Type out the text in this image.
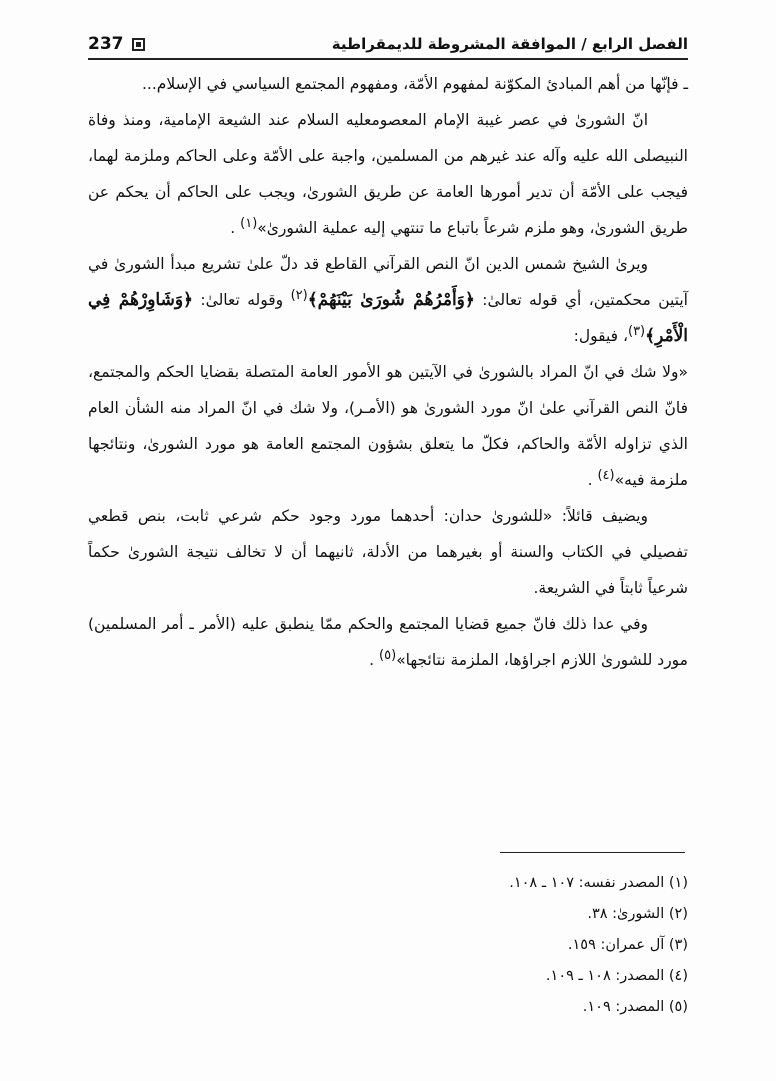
الفصل الرابع / الموافقة المشروطة للديمقراطية
237

ـ فإنّها من أهم المبادئ المكوّنة لمفهوم الأمّة، ومفهوم المجتمع السياسي في الإسلام...

انّ الشورىٰ في عصر غيبة الإمام المعصومعليه السلام عند الشيعة الإمامية، ومنذ وفاة النبيصلى الله عليه وآله عند غيرهم من المسلمين، واجبة على الأمّة وعلى الحاكم وملزمة لهما، فيجب على الأمّة أن تدير أمورها العامة عن طريق الشورىٰ، ويجب على الحاكم أن يحكم عن طريق الشورىٰ، وهو ملزم شرعاً باتباع ما تنتهي إليه عملية الشورىٰ»$^{(١)}$ .

ويرىٰ الشيخ شمس الدين انّ النص القرآني القاطع قد دلّ علىٰ تشريع مبدأ الشورىٰ في آيتين محكمتين، أي قوله تعالىٰ: ﴿وَأَمْرُهُمْ شُورَىٰ بَيْنَهُمْ﴾$^{(٢)}$ وقوله تعالىٰ: ﴿وَشَاوِرْهُمْ فِي الْأَمْرِ﴾$^{(٣)}$، فيقول:

«ولا شك في انّ المراد بالشورىٰ في الآيتين هو الأمور العامة المتصلة بقضايا الحكم والمجتمع، فانّ النص القرآني علىٰ انّ مورد الشورىٰ هو (الأمـر)، ولا شك في انّ المراد منه الشأن العام الذي تزاوله الأمّة والحاكم، فكلّ ما يتعلق بشؤون المجتمع العامة هو مورد الشورىٰ، ونتائجها ملزمة فيه»$^{(٤)}$ .

ويضيف قائلاً: «للشورىٰ حدان: أحدهما مورد وجود حكم شرعي ثابت، بنص قطعي تفصيلي في الكتاب والسنة أو بغيرهما من الأدلة، ثانيهما أن لا تخالف نتيجة الشورىٰ حكماً شرعياً ثابتاً في الشريعة.

وفي عدا ذلك فانّ جميع قضايا المجتمع والحكم ممّا ينطبق عليه (الأمر ـ أمر المسلمين) مورد للشورىٰ اللازم اجراؤها، الملزمة نتائجها»$^{(٥)}$ .

(١) المصدر نفسه: ١٠٧ ـ ١٠٨.

(٢) الشورىٰ: ٣٨.

(٣) آل عمران: ١٥٩.

(٤) المصدر: ١٠٨ ـ ١٠٩.

(٥) المصدر: ١٠٩.
